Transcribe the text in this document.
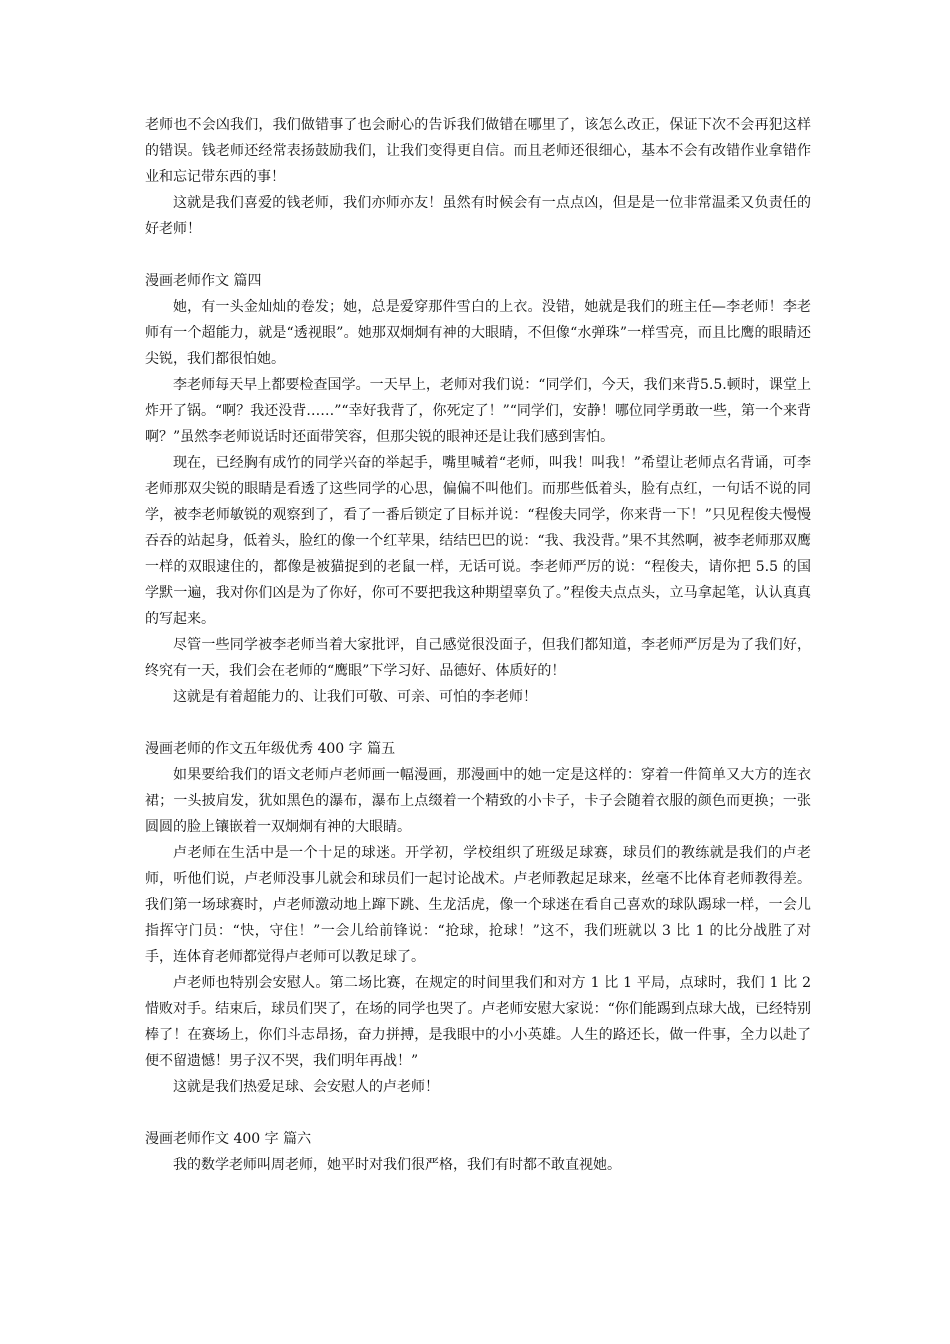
老师也不会凶我们，我们做错事了也会耐心的告诉我们做错在哪里了，该怎么改正，保证下次不会再犯这样的错误。钱老师还经常表扬鼓励我们，让我们变得更自信。而且老师还很细心，基本不会有改错作业拿错作业和忘记带东西的事！

这就是我们喜爱的钱老师，我们亦师亦友！虽然有时候会有一点点凶，但是是一位非常温柔又负责任的好老师！

漫画老师作文 篇四

她，有一头金灿灿的卷发；她，总是爱穿那件雪白的上衣。没错，她就是我们的班主任—李老师！李老师有一个超能力，就是“透视眼”。她那双炯炯有神的大眼睛，不但像“水弹珠”一样雪亮，而且比鹰的眼睛还尖锐，我们都很怕她。

李老师每天早上都要检查国学。一天早上，老师对我们说：“同学们，今天，我们来背5.5.顿时，课堂上炸开了锅。“啊？我还没背……”“幸好我背了，你死定了！”“同学们，安静！哪位同学勇敢一些，第一个来背啊？”虽然李老师说话时还面带笑容，但那尖锐的眼神还是让我们感到害怕。

现在，已经胸有成竹的同学兴奋的举起手，嘴里喊着“老师，叫我！叫我！”希望让老师点名背诵，可李老师那双尖锐的眼睛是看透了这些同学的心思，偏偏不叫他们。而那些低着头，脸有点红，一句话不说的同学，被李老师敏锐的观察到了，看了一番后锁定了目标并说：“程俊夫同学，你来背一下！”只见程俊夫慢慢吞吞的站起身，低着头，脸红的像一个红苹果，结结巴巴的说：“我、我没背。”果不其然啊，被李老师那双鹰一样的双眼逮住的，都像是被猫捉到的老鼠一样，无话可说。李老师严厉的说：“程俊夫，请你把 5.5 的国学默一遍，我对你们凶是为了你好，你可不要把我这种期望辜负了。”程俊夫点点头，立马拿起笔，认认真真的写起来。

尽管一些同学被李老师当着大家批评，自己感觉很没面子，但我们都知道，李老师严厉是为了我们好，终究有一天，我们会在老师的“鹰眼”下学习好、品德好、体质好的！

这就是有着超能力的、让我们可敬、可亲、可怕的李老师！

漫画老师的作文五年级优秀 400 字 篇五

如果要给我们的语文老师卢老师画一幅漫画，那漫画中的她一定是这样的：穿着一件简单又大方的连衣裙；一头披肩发，犹如黑色的瀑布，瀑布上点缀着一个精致的小卡子，卡子会随着衣服的颜色而更换；一张圆圆的脸上镶嵌着一双炯炯有神的大眼睛。

卢老师在生活中是一个十足的球迷。开学初，学校组织了班级足球赛，球员们的教练就是我们的卢老师，听他们说，卢老师没事儿就会和球员们一起讨论战术。卢老师教起足球来，丝毫不比体育老师教得差。我们第一场球赛时，卢老师激动地上蹿下跳、生龙活虎，像一个球迷在看自己喜欢的球队踢球一样，一会儿指挥守门员：“快，守住！”一会儿给前锋说：“抢球，抢球！”这不，我们班就以 3 比 1 的比分战胜了对手，连体育老师都觉得卢老师可以教足球了。

卢老师也特别会安慰人。第二场比赛，在规定的时间里我们和对方 1 比 1 平局，点球时，我们 1 比 2 惜败对手。结束后，球员们哭了，在场的同学也哭了。卢老师安慰大家说：“你们能踢到点球大战，已经特别棒了！在赛场上，你们斗志昂扬，奋力拼搏，是我眼中的小小英雄。人生的路还长，做一件事，全力以赴了便不留遗憾！男子汉不哭，我们明年再战！”

这就是我们热爱足球、会安慰人的卢老师！

漫画老师作文 400 字 篇六

我的数学老师叫周老师，她平时对我们很严格，我们有时都不敢直视她。
